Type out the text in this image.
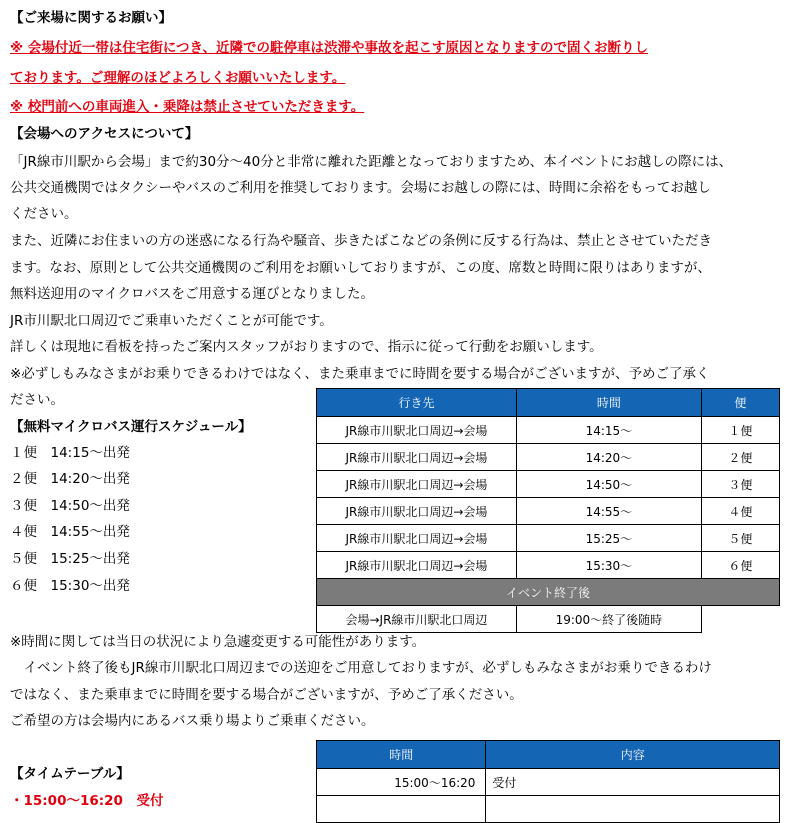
【ご来場に関するお願い】
※ 会場付近一帯は住宅街につき、近隣での駐停車は渋滞や事故を起こす原因となりますので固くお断りし
ております。ご理解のほどよろしくお願いいたします。
※ 校門前への車両進入・乗降は禁止させていただきます。
【会場へのアクセスについて】
「JR線市川駅から会場」まで約30分～40分と非常に離れた距離となっておりますため、本イベントにお越しの際には、
公共交通機関ではタクシーやバスのご利用を推奨しております。会場にお越しの際には、時間に余裕をもってお越し
ください。
また、近隣にお住まいの方の迷惑になる行為や騒音、歩きたばこなどの条例に反する行為は、禁止とさせていただき
ます。なお、原則として公共交通機関のご利用をお願いしておりますが、この度、席数と時間に限りはありますが、
無料送迎用のマイクロバスをご用意する運びとなりました。
JR市川駅北口周辺でご乗車いただくことが可能です。
詳しくは現地に看板を持ったご案内スタッフがおりますので、指示に従って行動をお願いします。
※必ずしもみなさまがお乗りできるわけではなく、また乗車までに時間を要する場合がございますが、予めご了承く
ださい。
【無料マイクロバス運行スケジュール】
１便　14:15～出発
２便　14:20～出発
３便　14:50～出発
４便　14:55～出発
５便　15:25～出発
６便　15:30～出発
行き先	時間	便
JR線市川駅北口周辺→会場	14:15～	１便
JR線市川駅北口周辺→会場	14:20～	２便
JR線市川駅北口周辺→会場	14:50～	３便
JR線市川駅北口周辺→会場	14:55～	４便
JR線市川駅北口周辺→会場	15:25～	５便
JR線市川駅北口周辺→会場	15:30～	６便
イベント終了後		
会場→JR線市川駅北口周辺	19:00～終了後随時	
※時間に関しては当日の状況により急遽変更する可能性があります。
　イベント終了後もJR線市川駅北口周辺までの送迎をご用意しておりますが、必ずしもみなさまがお乗りできるわけ
ではなく、また乗車までに時間を要する場合がございますが、予めご了承ください。
ご希望の方は会場内にあるバス乗り場よりご乗車ください。
【タイムテーブル】
・15:00～16:20　受付
時間	内容
15:00～16:20	受付
